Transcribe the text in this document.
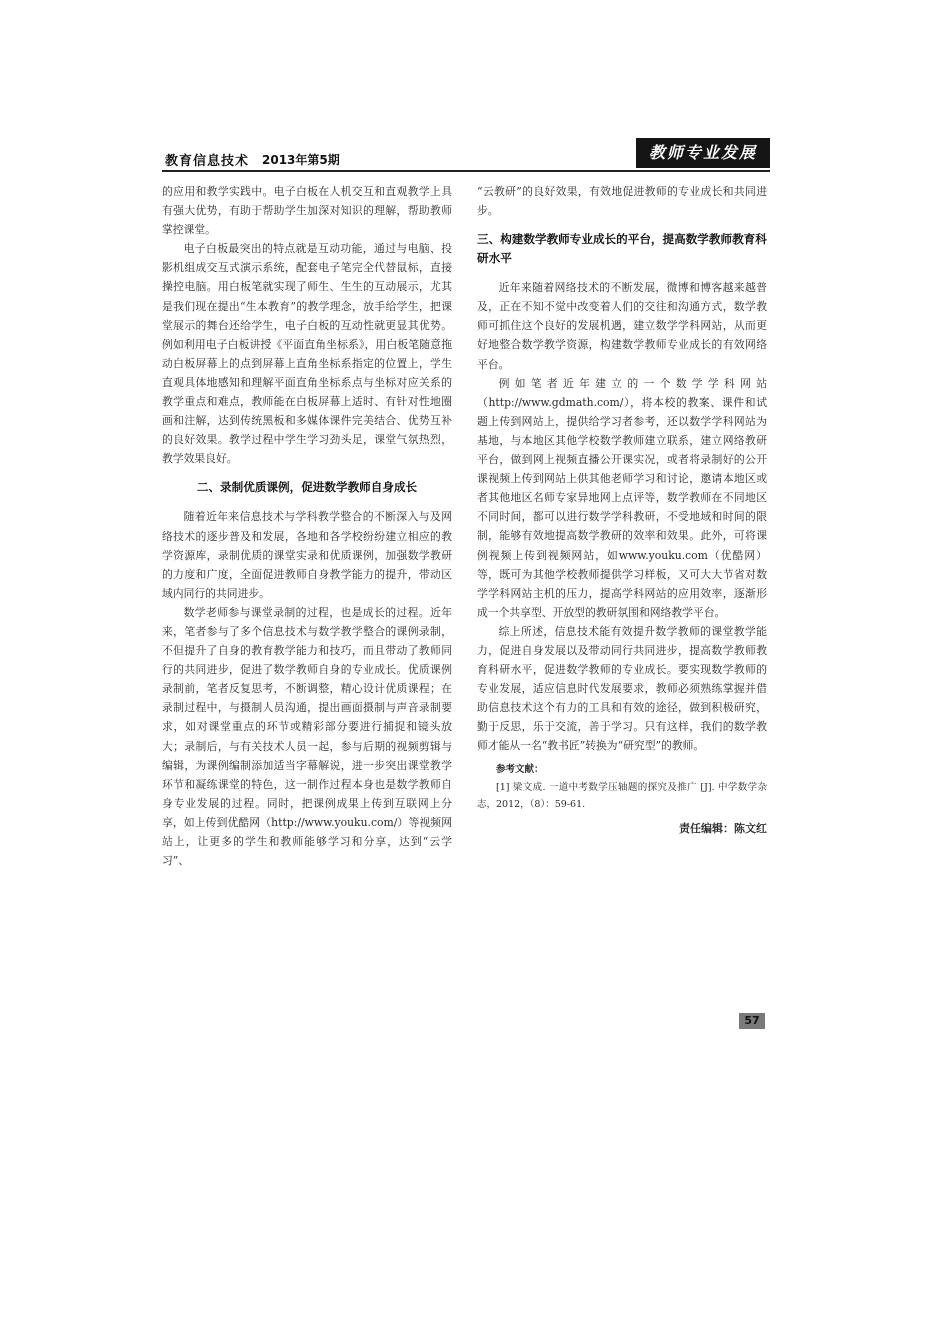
教育信息技术 2013年第5期	教师专业发展

的应用和教学实践中。电子白板在人机交互和直观教学上具有强大优势，有助于帮助学生加深对知识的理解，帮助教师掌控课堂。

电子白板最突出的特点就是互动功能，通过与电脑、投影机组成交互式演示系统，配套电子笔完全代替鼠标，直接操控电脑。用白板笔就实现了师生、生生的互动展示，尤其是我们现在提出“生本教育”的教学理念，放手给学生，把课堂展示的舞台还给学生，电子白板的互动性就更显其优势。例如利用电子白板讲授《平面直角坐标系》，用白板笔随意拖动白板屏幕上的点到屏幕上直角坐标系指定的位置上，学生直观具体地感知和理解平面直角坐标系点与坐标对应关系的教学重点和难点，教师能在白板屏幕上适时、有针对性地圈画和注解，达到传统黑板和多媒体课件完美结合、优势互补的良好效果。教学过程中学生学习劲头足，课堂气氛热烈，教学效果良好。

二、录制优质课例，促进数学教师自身成长

随着近年来信息技术与学科教学整合的不断深入与及网络技术的逐步普及和发展，各地和各学校纷纷建立相应的教学资源库，录制优质的课堂实录和优质课例，加强数学教研的力度和广度，全面促进教师自身教学能力的提升，带动区域内同行的共同进步。

数学老师参与课堂录制的过程，也是成长的过程。近年来，笔者参与了多个信息技术与数学教学整合的课例录制，不但提升了自身的教育教学能力和技巧，而且带动了教师同行的共同进步，促进了数学教师自身的专业成长。优质课例录制前，笔者反复思考，不断调整，精心设计优质课程；在录制过程中，与摄制人员沟通，提出画面摄制与声音录制要求，如对课堂重点的环节或精彩部分要进行捕捉和镜头放大；录制后，与有关技术人员一起，参与后期的视频剪辑与编辑，为课例编制添加适当字幕解说，进一步突出课堂教学环节和凝练课堂的特色，这一制作过程本身也是数学教师自身专业发展的过程。同时，把课例成果上传到互联网上分享，如上传到优酷网（http://www.youku.com/）等视频网站上，让更多的学生和教师能够学习和分享，达到“云学习”、

“云教研”的良好效果，有效地促进教师的专业成长和共同进步。

三、构建数学教师专业成长的平台，提高数学教师教育科研水平

近年来随着网络技术的不断发展，微博和博客越来越普及，正在不知不觉中改变着人们的交往和沟通方式，数学教师可抓住这个良好的发展机遇，建立数学学科网站，从而更好地整合数学教学资源，构建数学教师专业成长的有效网络平台。

例如笔者近年建立的一个数学学科网站（http://www.gdmath.com/），将本校的教案、课件和试题上传到网站上，提供给学习者参考，还以数学学科网站为基地，与本地区其他学校数学教师建立联系，建立网络教研平台，做到网上视频直播公开课实况，或者将录制好的公开课视频上传到网站上供其他老师学习和讨论，邀请本地区或者其他地区名师专家异地网上点评等，数学教师在不同地区不同时间，都可以进行数学学科教研，不受地域和时间的限制，能够有效地提高数学教研的效率和效果。此外，可将课例视频上传到视频网站，如www.youku.com（优酷网）等，既可为其他学校教师提供学习样板，又可大大节省对数学学科网站主机的压力，提高学科网站的应用效率，逐渐形成一个共享型、开放型的教研氛围和网络教学平台。

综上所述，信息技术能有效提升数学教师的课堂教学能力，促进自身发展以及带动同行共同进步，提高数学教师教育科研水平，促进数学教师的专业成长。要实现数学教师的专业发展，适应信息时代发展要求，教师必须熟练掌握并借助信息技术这个有力的工具和有效的途径，做到积极研究，勤于反思，乐于交流，善于学习。只有这样，我们的数学教师才能从一名“教书匠”转换为“研究型”的教师。

参考文献：

[1] 梁文成. 一道中考数学压轴题的探究及推广 [J]. 中学数学杂志，2012，（8）：59-61.

责任编辑：陈文红

57
